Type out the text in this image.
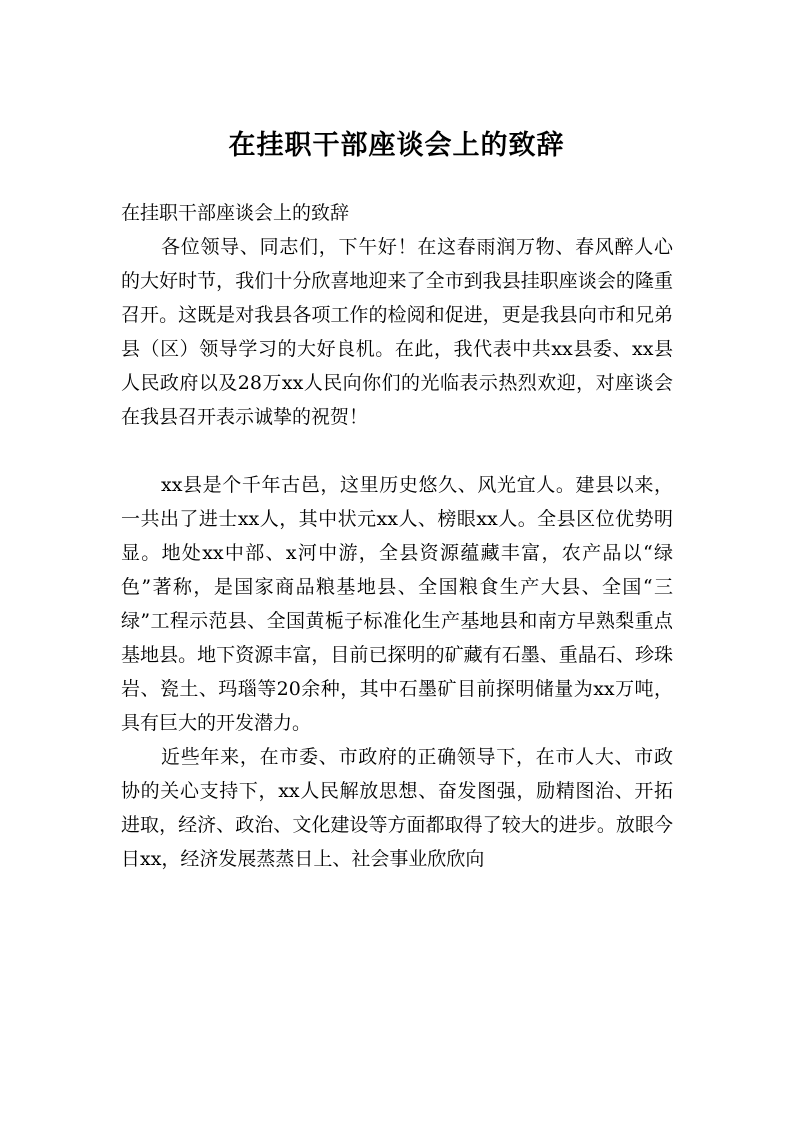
在挂职干部座谈会上的致辞

在挂职干部座谈会上的致辞

各位领导、同志们，下午好！在这春雨润万物、春风醉人心的大好时节，我们十分欣喜地迎来了全市到我县挂职座谈会的隆重召开。这既是对我县各项工作的检阅和促进，更是我县向市和兄弟县（区）领导学习的大好良机。在此，我代表中共xx县委、xx县人民政府以及28万xx人民向你们的光临表示热烈欢迎，对座谈会在我县召开表示诚挚的祝贺！

xx县是个千年古邑，这里历史悠久、风光宜人。建县以来，一共出了进士xx人，其中状元xx人、榜眼xx人。全县区位优势明显。地处xx中部、x河中游，全县资源蕴藏丰富，农产品以“绿色”著称，是国家商品粮基地县、全国粮食生产大县、全国“三绿”工程示范县、全国黄栀子标准化生产基地县和南方早熟梨重点基地县。地下资源丰富，目前已探明的矿藏有石墨、重晶石、珍珠岩、瓷土、玛瑙等20余种，其中石墨矿目前探明储量为xx万吨，具有巨大的开发潜力。

近些年来，在市委、市政府的正确领导下，在市人大、市政协的关心支持下，xx人民解放思想、奋发图强，励精图治、开拓进取，经济、政治、文化建设等方面都取得了较大的进步。放眼今日xx，经济发展蒸蒸日上、社会事业欣欣向
